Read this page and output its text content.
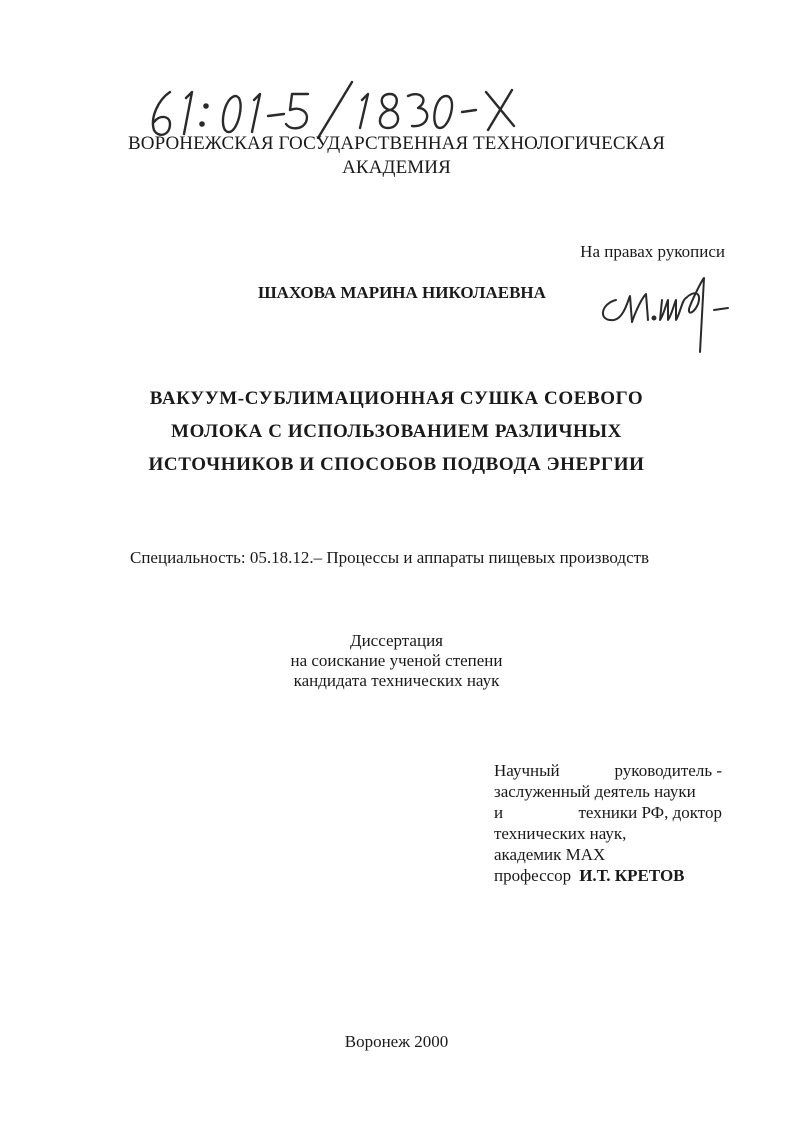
ВОРОНЕЖСКАЯ ГОСУДАРСТВЕННАЯ ТЕХНОЛОГИЧЕСКАЯ
АКАДЕМИЯ
На правах рукописи
ШАХОВА МАРИНА НИКОЛАЕВНА
ВАКУУМ-СУБЛИМАЦИОННАЯ СУШКА СОЕВОГО
МОЛОКА С ИСПОЛЬЗОВАНИЕМ РАЗЛИЧНЫХ
ИСТОЧНИКОВ И СПОСОБОВ ПОДВОДА ЭНЕРГИИ
Специальность: 05.18.12.– Процессы и аппараты пищевых производств
Диссертация
на соискание ученой степени
кандидата технических наук
Научный	руководитель -
заслуженный деятель науки
и	техники РФ, доктор
технических наук,
академик МАХ
профессор И.Т. КРЕТОВ
Воронеж 2000
